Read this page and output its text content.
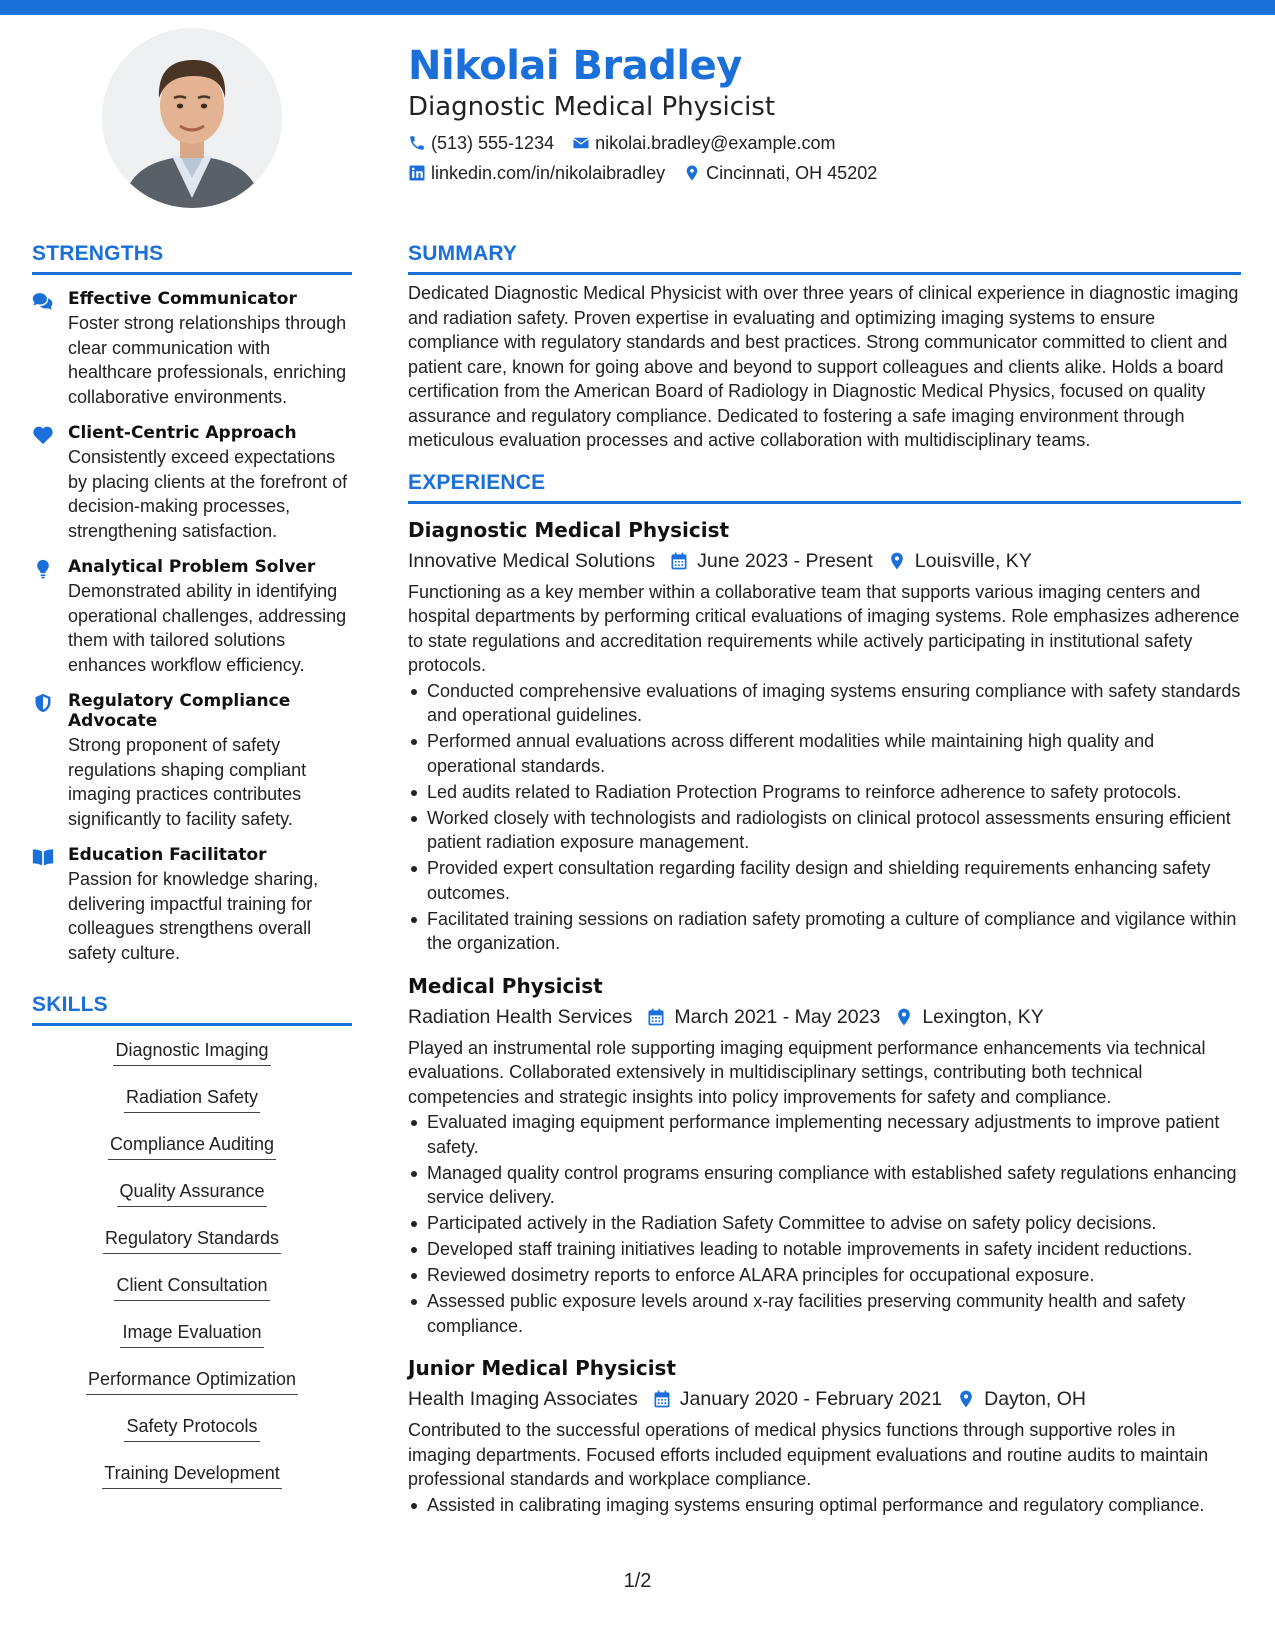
Nikolai Bradley
Diagnostic Medical Physicist
(513) 555-1234 nikolai.bradley@example.com
linkedin.com/in/nikolaibradley Cincinnati, OH 45202
STRENGTHS
Effective Communicator
Foster strong relationships through clear communication with healthcare professionals, enriching collaborative environments.
Client-Centric Approach
Consistently exceed expectations by placing clients at the forefront of decision-making processes, strengthening satisfaction.
Analytical Problem Solver
Demonstrated ability in identifying operational challenges, addressing them with tailored solutions enhances workflow efficiency.
Regulatory Compliance Advocate
Strong proponent of safety regulations shaping compliant imaging practices contributes significantly to facility safety.
Education Facilitator
Passion for knowledge sharing, delivering impactful training for colleagues strengthens overall safety culture.
SKILLS
Diagnostic Imaging
Radiation Safety
Compliance Auditing
Quality Assurance
Regulatory Standards
Client Consultation
Image Evaluation
Performance Optimization
Safety Protocols
Training Development
SUMMARY
Dedicated Diagnostic Medical Physicist with over three years of clinical experience in diagnostic imaging and radiation safety. Proven expertise in evaluating and optimizing imaging systems to ensure compliance with regulatory standards and best practices. Strong communicator committed to client and patient care, known for going above and beyond to support colleagues and clients alike. Holds a board certification from the American Board of Radiology in Diagnostic Medical Physics, focused on quality assurance and regulatory compliance. Dedicated to fostering a safe imaging environment through meticulous evaluation processes and active collaboration with multidisciplinary teams.
EXPERIENCE
Diagnostic Medical Physicist
Innovative Medical Solutions June 2023 - Present Louisville, KY
Functioning as a key member within a collaborative team that supports various imaging centers and hospital departments by performing critical evaluations of imaging systems. Role emphasizes adherence to state regulations and accreditation requirements while actively participating in institutional safety protocols.
Conducted comprehensive evaluations of imaging systems ensuring compliance with safety standards and operational guidelines.
Performed annual evaluations across different modalities while maintaining high quality and operational standards.
Led audits related to Radiation Protection Programs to reinforce adherence to safety protocols.
Worked closely with technologists and radiologists on clinical protocol assessments ensuring efficient patient radiation exposure management.
Provided expert consultation regarding facility design and shielding requirements enhancing safety outcomes.
Facilitated training sessions on radiation safety promoting a culture of compliance and vigilance within the organization.
Medical Physicist
Radiation Health Services March 2021 - May 2023 Lexington, KY
Played an instrumental role supporting imaging equipment performance enhancements via technical evaluations. Collaborated extensively in multidisciplinary settings, contributing both technical competencies and strategic insights into policy improvements for safety and compliance.
Evaluated imaging equipment performance implementing necessary adjustments to improve patient safety.
Managed quality control programs ensuring compliance with established safety regulations enhancing service delivery.
Participated actively in the Radiation Safety Committee to advise on safety policy decisions.
Developed staff training initiatives leading to notable improvements in safety incident reductions.
Reviewed dosimetry reports to enforce ALARA principles for occupational exposure.
Assessed public exposure levels around x-ray facilities preserving community health and safety compliance.
Junior Medical Physicist
Health Imaging Associates January 2020 - February 2021 Dayton, OH
Contributed to the successful operations of medical physics functions through supportive roles in imaging departments. Focused efforts included equipment evaluations and routine audits to maintain professional standards and workplace compliance.
Assisted in calibrating imaging systems ensuring optimal performance and regulatory compliance.
1/2
